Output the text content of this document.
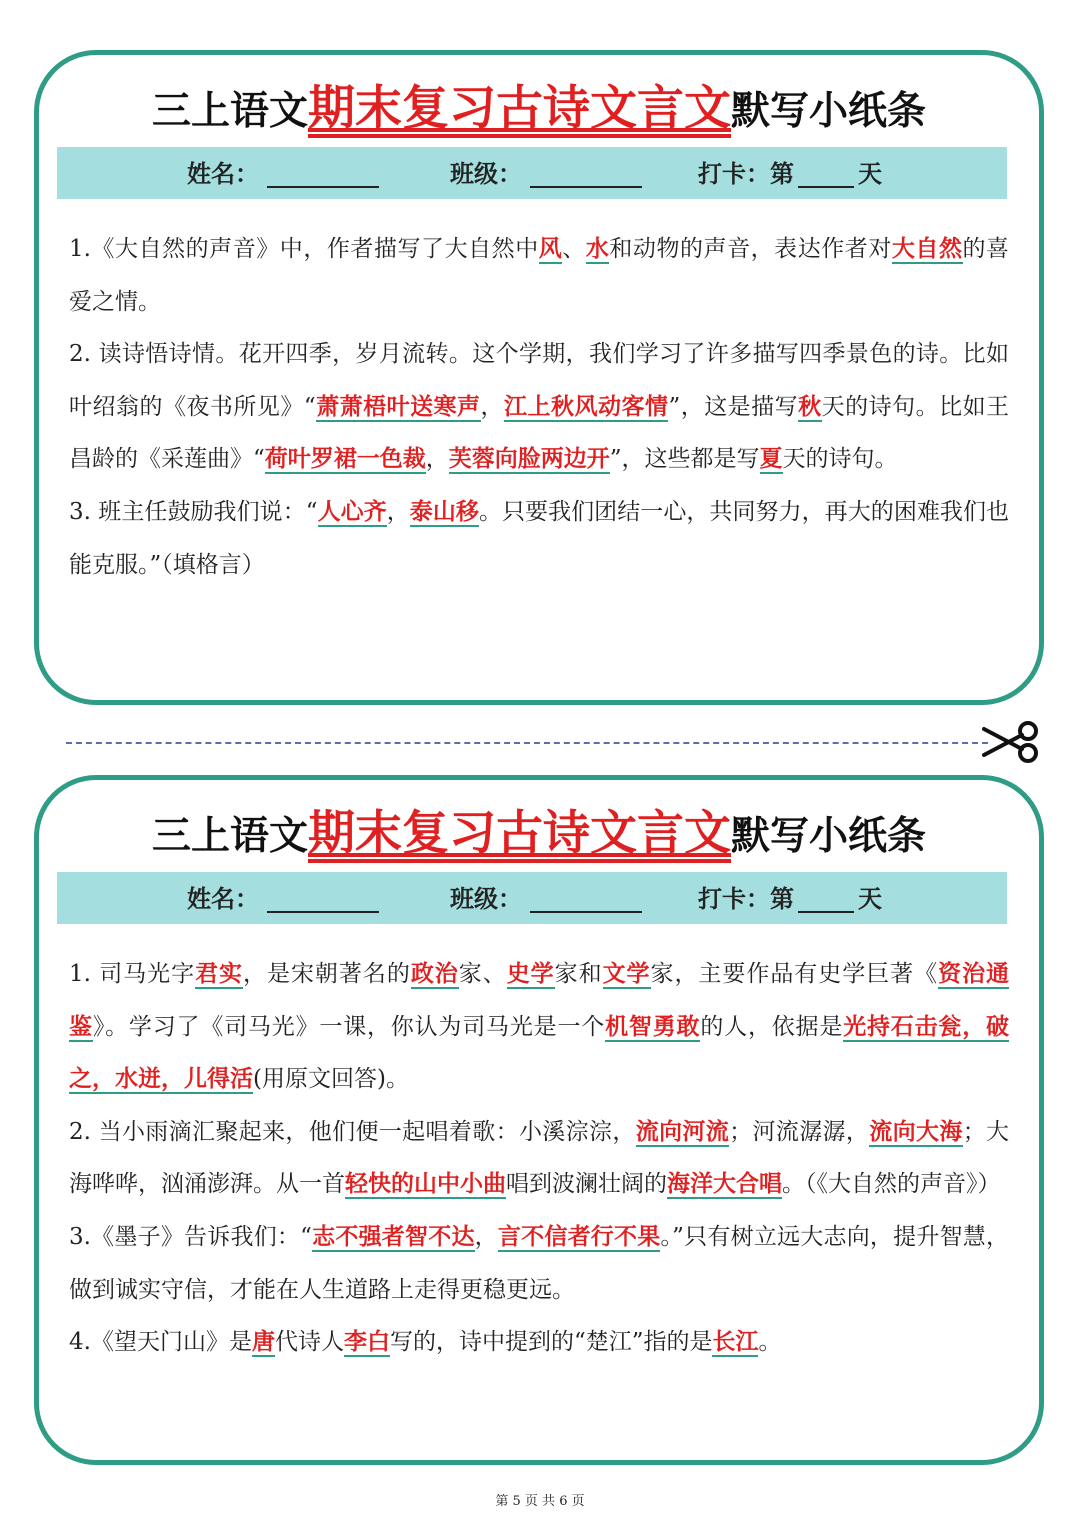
三上语文期末复习古诗文言文默写小纸条
姓名：	班级：	打卡：第	天

1.《大自然的声音》中，作者描写了大自然中风、水和动物的声音，表达作者对大自然的喜爱之情。

2. 读诗悟诗情。花开四季，岁月流转。这个学期，我们学习了许多描写四季景色的诗。比如叶绍翁的《夜书所见》“萧萧梧叶送寒声，江上秋风动客情”，这是描写秋天的诗句。比如王昌龄的《采莲曲》“荷叶罗裙一色裁，芙蓉向脸两边开”，这些都是写夏天的诗句。

3. 班主任鼓励我们说：“人心齐，泰山移。只要我们团结一心，共同努力，再大的困难我们也能克服。”（填格言）

三上语文期末复习古诗文言文默写小纸条
姓名：	班级：	打卡：第	天

1. 司马光字君实，是宋朝著名的政治家、史学家和文学家，主要作品有史学巨著《资治通鉴》。学习了《司马光》一课，你认为司马光是一个机智勇敢的人，依据是光持石击瓮，破之，水迸，儿得活(用原文回答)。

2. 当小雨滴汇聚起来，他们便一起唱着歌：小溪淙淙，流向河流；河流潺潺，流向大海；大海哗哗，汹涌澎湃。从一首轻快的山中小曲唱到波澜壮阔的海洋大合唱。（《大自然的声音》）

3.《墨子》告诉我们：“志不强者智不达，言不信者行不果。”只有树立远大志向，提升智慧，做到诚实守信，才能在人生道路上走得更稳更远。

4.《望天门山》是唐代诗人李白写的，诗中提到的“楚江”指的是长江。

第 5 页 共 6 页
